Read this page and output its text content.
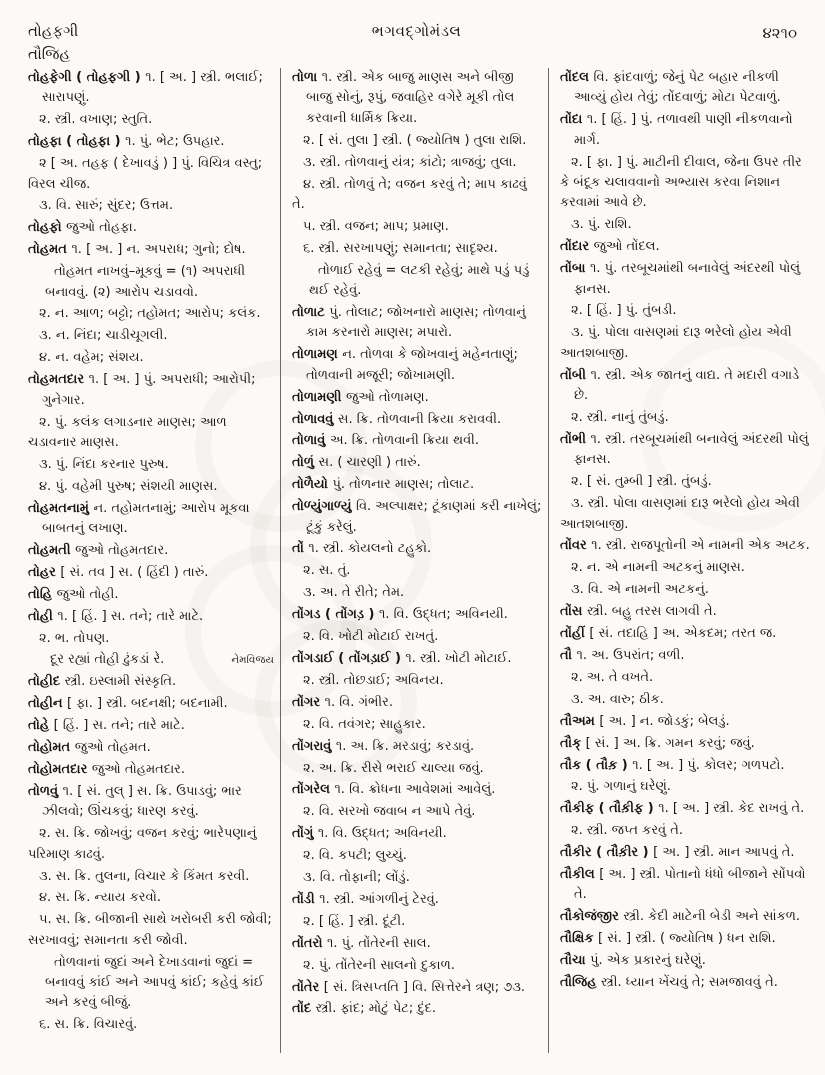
તોહફગી
તૌજિહ
ભગવદ્ગોમંડલ	૪૨૧૦

તોહફેગી ( તોહફગી ) ૧. [ અ. ] સ્ત્રી. ભલાઈ; સારાપણું.

૨. સ્ત્રી. વખાણ; સ્તુતિ.

તોહફા ( તોહફા ) ૧. પું. ભેટ; ઉપહાર.

૨ [ અ. તહફ ( દેખાવડું ) ] પું. વિચિત્ર વસ્તુ; વિરલ ચીજ.

૩. વિ. સારું; સુંદર; ઉત્તમ.

તોહફો જુઓ તોહફા.

તોહમત ૧. [ અ. ] ન. અપરાધ; ગુનો; દોષ.

તોહમત નાખવું–મૂકવું = (૧) અપરાધી બનાવવું. (૨) આરોપ ચડાવવો.

૨. ન. આળ; બટ્ટો; તહોમત; આરોપ; કલંક.

૩. ન. નિંદા; ચાડીચૂગલી.

૪. ન. વહેમ; સંશય.

તોહમતદાર ૧. [ અ. ] પું. અપરાધી; આરોપી; ગુનેગાર.

૨. પું. કલંક લગાડનાર માણસ; આળ ચડાવનાર માણસ.

૩. પું. નિંદા કરનાર પુરુષ.

૪. પું. વહેમી પુરુષ; સંશયી માણસ.

તોહમતનામું ન. તહોમતનામું; આરોપ મૂકવા બાબતનું લખાણ.

તોહમતી જુઓ તોહમતદાર.

તોહર [ સં. તવ ] સ. ( હિંદી ) તારું.

તોહિ જુઓ તોહી.

તોહી ૧. [ હિં. ] સ. તને; તારે માટે.

૨. ભ. તોપણ.

દૂર રહ્યાં તોહી ઢુંકડાં રે.	નેમવિજય

તોહીદ સ્ત્રી. ઇસ્લામી સંસ્કૃતિ.

તોહીન [ ફા. ] સ્ત્રી. બદનક્ષી; બદનામી.

તોહે [ હિં. ] સ. તને; તારે માટે.

તોહોમત જુઓ તોહમત.

તોહોમતદાર જુઓ તોહમતદાર.

તોળવું ૧. [ સં. તુલ્ ] સ. ક્રિ. ઉપાડવું; ભાર ઝીલવો; ઊંચકવું; ધારણ કરવું.

૨. સ. ક્રિ. જોખવું; વજન કરવું; ભારેપણાનું પરિમાણ કાઢવું.

૩. સ. ક્રિ. તુલના, વિચાર કે કિંમત કરવી.

૪. સ. ક્રિ. ન્યાય કરવો.

૫. સ. ક્રિ. બીજાની સાથે ખરોબરી કરી જોવી; સરખાવવું; સમાનતા કરી જોવી.

તોળવાનાં જુદાં અને દેખાડવાનાં જુદાં = બનાવવું કાંઈ અને આપવું કાંઈ; કહેવું કાંઈ અને કરવું બીજું.

૬. સ. ક્રિ. વિચારવું.

તોળા ૧. સ્ત્રી. એક બાજુ માણસ અને બીજી બાજુ સોનું, રૂપું, જવાહિર વગેરે મૂકી તોલ કરવાની ધાર્મિક ક્રિયા.

૨. [ સં. તુલા ] સ્ત્રી. ( જ્યોતિષ ) તુલા રાશિ.

૩. સ્ત્રી. તોળવાનું યંત્ર; કાંટો; ત્રાજવું; તુલા.

૪. સ્ત્રી. તોળવું તે; વજન કરવું તે; માપ કાઢવું તે.

૫. સ્ત્રી. વજન; માપ; પ્રમાણ.

૬. સ્ત્રી. સરખાપણું; સમાનતા; સાદૃશ્ય.

તોળાઈ રહેવું = લટકી રહેવું; માથે પડું પડું થઈ રહેવું.

તોળાટ પું. તોલાટ; જોખનારો માણસ; તોળવાનું કામ કરનારો માણસ; મપારો.

તોળામણ ન. તોળવા કે જોખવાનું મહેનતાણું; તોળવાની મજૂરી; જોખામણી.

તોળામણી જુઓ તોળામણ.

તોળાવવું સ. ક્રિ. તોળવાની ક્રિયા કરાવવી.

તોળાવું અ. ક્રિ. તોળવાની ક્રિયા થવી.

તોળું સ. ( ચારણી ) તારું.

તોળૈયો પું. તોળનાર માણસ; તોલાટ.

તોળ્યુંગાળ્યું વિ. અલ્પાક્ષર; ટૂંકાણમાં કરી નાખેલું; ટૂંકું કરેલું.

તોં ૧. સ્ત્રી. કોયલનો ટહુકો.

૨. સ. તું.

૩. અ. તે રીતે; તેમ.

તોંગડ ( તોંગડ઼ ) ૧. વિ. ઉદ્ધત; અવિનયી.

૨. વિ. ખોટી મોટાઈ રાખતું.

તોંગડાઈ ( તોંગડ઼ાઈ ) ૧. સ્ત્રી. ખોટી મોટાઈ.

૨. સ્ત્રી. તોછડાઈ; અવિનય.

તોંગર ૧. વિ. ગંભીર.

૨. વિ. તવંગર; સાહુકાર.

તોંગરાવું ૧. અ. ક્રિ. મરડાવું; કરડાવું.

૨. અ. ક્રિ. રીસે ભરાઈ ચાલ્યા જવું.

તોંગરેલ ૧. વિ. ક્રોધના આવેશમાં આવેલું.

૨. વિ. સરખો જવાબ ન આપે તેવું.

તોંગું ૧. વિ. ઉદ્ધત; અવિનયી.

૨. વિ. કપટી; લુચ્ચું.

૩. વિ. તોફાની; લોંડું.

તોંડી ૧. સ્ત્રી. આંગળીનું ટેરવું.

૨. [ હિં. ] સ્ત્રી. દૂંટી.

તોંતરો ૧. પું. તોંતેરની સાલ.

૨. પું. તોંતેરની સાલનો દુકાળ.

તોંતેર [ સં. ત્રિસપ્તતિ ] વિ. સિત્તેરને ત્રણ; ૭૩.

તોંદ સ્ત્રી. ફાંદ; મોટું પેટ; દુંદ.

તોંદલ વિ. ફાંદવાળું; જેનું પેટ બહાર નીકળી આવ્યું હોય તેવું; તોંદવાળું; મોટા પેટવાળું.

તોંદા ૧. [ હિં. ] પું. તળાવથી પાણી નીકળવાનો માર્ગ.

૨. [ ફા. ] પું. માટીની દીવાલ, જેના ઉપર તીર કે બંદૂક ચલાવવાનો અભ્યાસ કરવા નિશાન કરવામાં આવે છે.

૩. પું. રાશિ.

તોંદાર જુઓ તોંદલ.

તોંબા ૧. પું. તરબૂચમાંથી બનાવેલું અંદરથી પોલું ફાનસ.

૨. [ હિં. ] પું. તુંબડી.

૩. પું. પોલા વાસણમાં દારૂ ભરેલો હોય એવી આતશબાજી.

તોંબી ૧. સ્ત્રી. એક જાતનું વાદ્ય. તે મદારી વગાડે છે.

૨. સ્ત્રી. નાનું તુંબડું.

તોંભી ૧. સ્ત્રી. તરબૂચમાંથી બનાવેલું અંદરથી પોલું ફાનસ.

૨. [ સં. તુમ્બી ] સ્ત્રી. તુંબડું.

૩. સ્ત્રી. પોલા વાસણમાં દારૂ ભરેલો હોય એવી આતશબાજી.

તોંવર ૧. સ્ત્રી. રાજપૂતોની એ નામની એક અટક.

૨. ન. એ નામની અટકનું માણસ.

૩. વિ. એ નામની અટકનું.

તોંસ સ્ત્રી. બહુ તરસ લાગવી તે.

તોંહીં [ સં. તદાહિ ] અ. એકદમ; તરત જ.

તૌ ૧. અ. ઉપરાંત; વળી.

૨. અ. તે વખતે.

૩. અ. વારુ; ઠીક.

તૌઅમ [ અ. ] ન. જોડકું; બેલડું.

તૌક્ [ સં. ] અ. ક્રિ. ગમન કરવું; જવું.

તૌક ( તૌક઼ ) ૧. [ અ. ] પું. કોલર; ગળપટો.

૨. પું. ગળાનું ઘરેણું.

તૌકીફ ( તૌક઼ીફ ) ૧. [ અ. ] સ્ત્રી. કેદ રાખવું તે.

૨. સ્ત્રી. જપ્ત કરવું તે.

તૌકીર ( તૌક઼ીર ) [ અ. ] સ્ત્રી. માન આપવું તે.

તૌકીલ [ અ. ] સ્ત્રી. પોતાનો ધંધો બીજાને સોંપવો તે.

તૌકોજંજીર સ્ત્રી. કેદી માટેની બેડી અને સાંકળ.

તૌક્ષિક [ સં. ] સ્ત્રી. ( જ્યોતિષ ) ધન રાશિ.

તૌચા પું. એક પ્રકારનું ઘરેણું.

તૌજિહ સ્ત્રી. ધ્યાન ખેંચવું તે; સમજાવવું તે.
